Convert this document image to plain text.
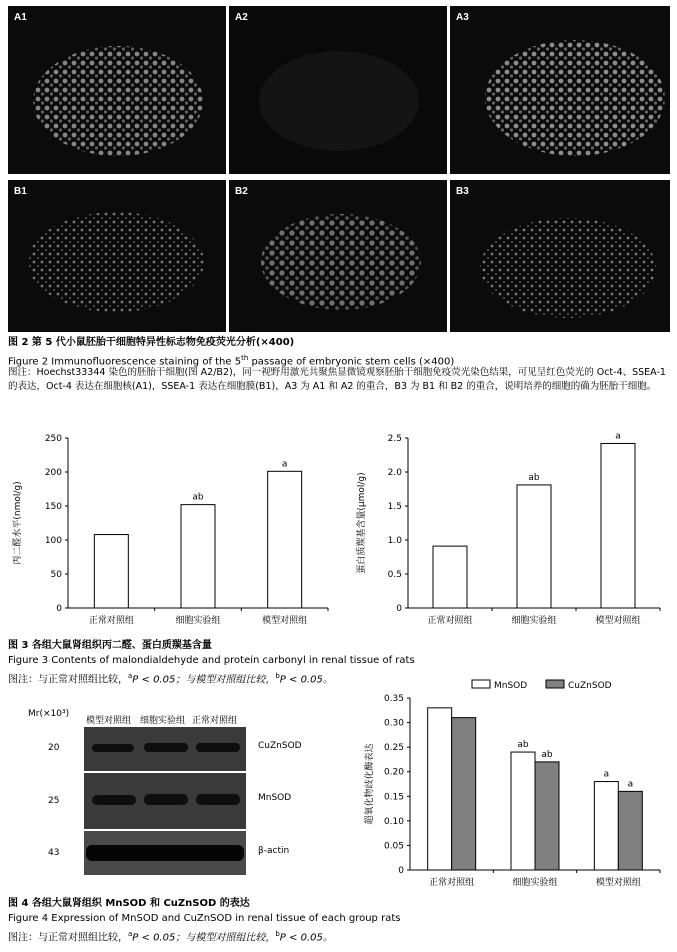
A1	A2	A3
B1	B2	B3
图 2 第 5 代小鼠胚胎干细胞特异性标志物免疫荧光分析(×400)
Figure 2 Immunofluorescence staining of the 5th passage of embryonic stem cells (×400)
图注：Hoechst33344 染色的胚胎干细胞(图 A2/B2)，同一视野用激光共聚焦显微镜观察胚胎干细胞免疫荧光染色结果，可见呈红色荧光的 Oct-4、SSEA-1 的表达，Oct-4 表达在细胞核(A1)，SSEA-1 表达在细胞膜(B1)，A3 为 A1 和 A2 的重合，B3 为 B1 和 B2 的重合，说明培养的细胞的确为胚胎干细胞。
0
50
100
150
200
250
丙二醛水平(nmol/g)
正常对照组	细胞实验组	模型对照组
ab
a
0
0.5
1.0
1.5
2.0
2.5
蛋白质羰基含量(μmol/g)
正常对照组	细胞实验组	模型对照组
ab
a
图 3 各组大鼠肾组织丙二醛、蛋白质羰基含量
Figure 3 Contents of malondialdehyde and protein carbonyl in renal tissue of rats
图注：与正常对照组比较，$^a$P < 0.05；与模型对照组比较，$^b$P < 0.05。
Mr(×10³)
模型对照组 细胞实验组 正常对照组
20
25
43
CuZnSOD
MnSOD
β-actin
0
0.05
0.10
0.15
0.20
0.25
0.30
0.35
超氧化物歧化酶表达
正常对照组	细胞实验组	模型对照组
ab
a
ab
a
MnSOD	CuZnSOD
图 4 各组大鼠肾组织 MnSOD 和 CuZnSOD 的表达
Figure 4 Expression of MnSOD and CuZnSOD in renal tissue of each group rats
图注：与正常对照组比较，$^a$P < 0.05；与模型对照组比较，$^b$P < 0.05。
